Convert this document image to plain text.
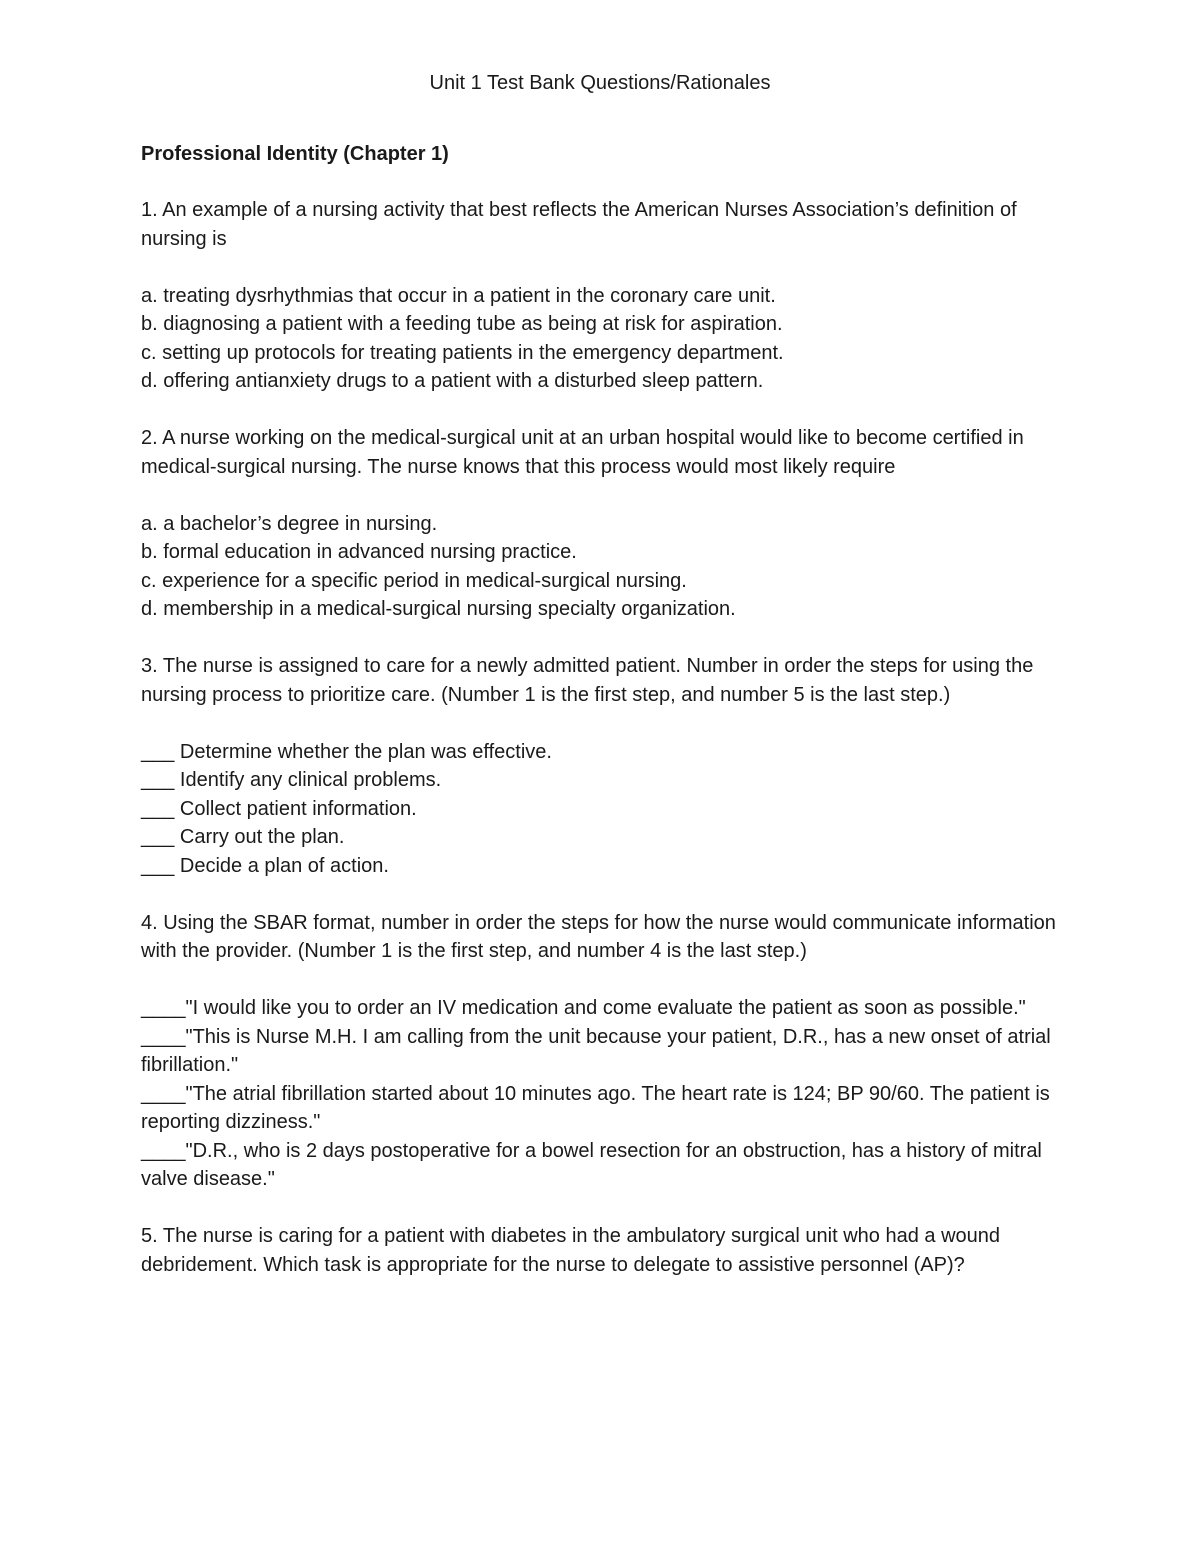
Unit 1 Test Bank Questions/Rationales
Professional Identity (Chapter 1)
1. An example of a nursing activity that best reflects the American Nurses Association’s definition of nursing is
a. treating dysrhythmias that occur in a patient in the coronary care unit.
b. diagnosing a patient with a feeding tube as being at risk for aspiration.
c. setting up protocols for treating patients in the emergency department.
d. offering antianxiety drugs to a patient with a disturbed sleep pattern.
2. A nurse working on the medical-surgical unit at an urban hospital would like to become certified in medical-surgical nursing. The nurse knows that this process would most likely require
a. a bachelor’s degree in nursing.
b. formal education in advanced nursing practice.
c. experience for a specific period in medical-surgical nursing.
d. membership in a medical-surgical nursing specialty organization.
3. The nurse is assigned to care for a newly admitted patient. Number in order the steps for using the nursing process to prioritize care. (Number 1 is the first step, and number 5 is the last step.)
___ Determine whether the plan was effective.
___ Identify any clinical problems.
___ Collect patient information.
___ Carry out the plan.
___ Decide a plan of action.
4. Using the SBAR format, number in order the steps for how the nurse would communicate information with the provider. (Number 1 is the first step, and number 4 is the last step.)
____"I would like you to order an IV medication and come evaluate the patient as soon as possible."
____"This is Nurse M.H. I am calling from the unit because your patient, D.R., has a new onset of atrial fibrillation."
____"The atrial fibrillation started about 10 minutes ago. The heart rate is 124; BP 90/60. The patient is reporting dizziness."
____"D.R., who is 2 days postoperative for a bowel resection for an obstruction, has a history of mitral valve disease."
5. The nurse is caring for a patient with diabetes in the ambulatory surgical unit who had a wound debridement. Which task is appropriate for the nurse to delegate to assistive personnel (AP)?
